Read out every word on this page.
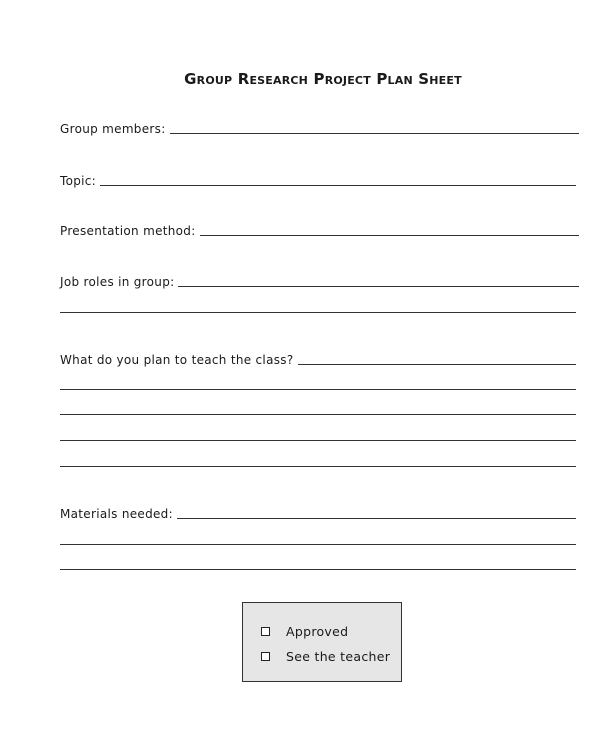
Group Research Project Plan Sheet
Group members:
Topic:
Presentation method:
Job roles in group:
What do you plan to teach the class?
Materials needed:
Approved
See the teacher
